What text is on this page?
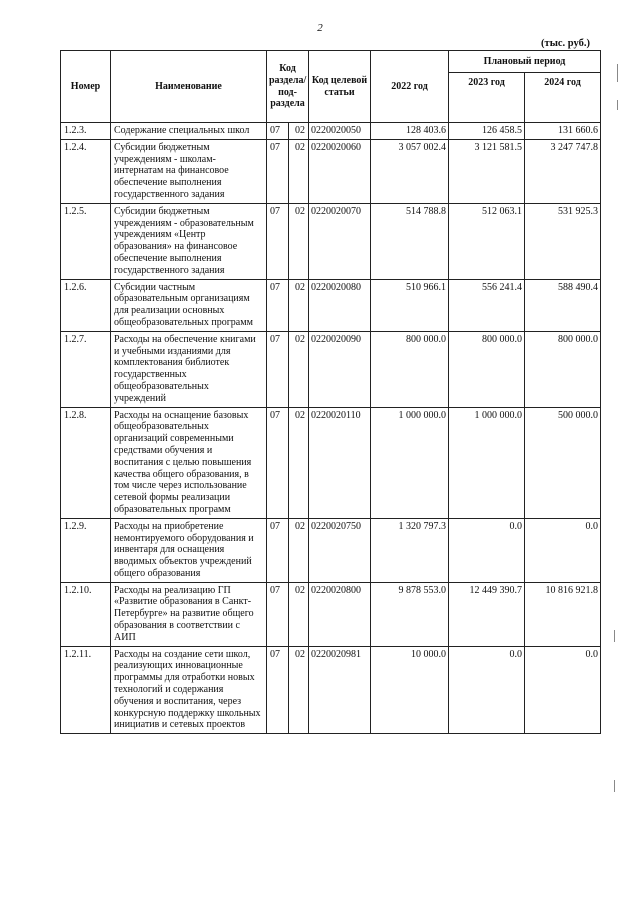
2
(тыс. руб.)
Номер	Наименование	Код раздела/ под- раздела		Код целевой статьи	2022 год	Плановый период	
						2023 год	2024 год
1.2.3.	Содержание специальных школ	07	02	0220020050	128 403.6	126 458.5	131 660.6
1.2.4.	Субсидии бюджетным учреждениям - школам-интернатам на финансовое обеспечение выполнения государственного задания	07	02	0220020060	3 057 002.4	3 121 581.5	3 247 747.8
1.2.5.	Субсидии бюджетным учреждениям - образовательным учреждениям «Центр образования» на финансовое обеспечение выполнения государственного задания	07	02	0220020070	514 788.8	512 063.1	531 925.3
1.2.6.	Субсидии частным образовательным организациям для реализации основных общеобразовательных программ	07	02	0220020080	510 966.1	556 241.4	588 490.4
1.2.7.	Расходы на обеспечение книгами и учебными изданиями для комплектования библиотек государственных общеобразовательных учреждений	07	02	0220020090	800 000.0	800 000.0	800 000.0
1.2.8.	Расходы на оснащение базовых общеобразовательных организаций современными средствами обучения и воспитания с целью повышения качества общего образования, в том числе через использование сетевой формы реализации образовательных программ	07	02	0220020110	1 000 000.0	1 000 000.0	500 000.0
1.2.9.	Расходы на приобретение немонтируемого оборудования и инвентаря для оснащения вводимых объектов учреждений общего образования	07	02	0220020750	1 320 797.3	0.0	0.0
1.2.10.	Расходы на реализацию ГП «Развитие образования в Санкт-Петербурге» на развитие общего образования в соответствии с АИП	07	02	0220020800	9 878 553.0	12 449 390.7	10 816 921.8
1.2.11.	Расходы на создание сети школ, реализующих инновационные программы для отработки новых технологий и содержания обучения и воспитания, через конкурсную поддержку школьных инициатив и сетевых проектов	07	02	0220020981	10 000.0	0.0	0.0
